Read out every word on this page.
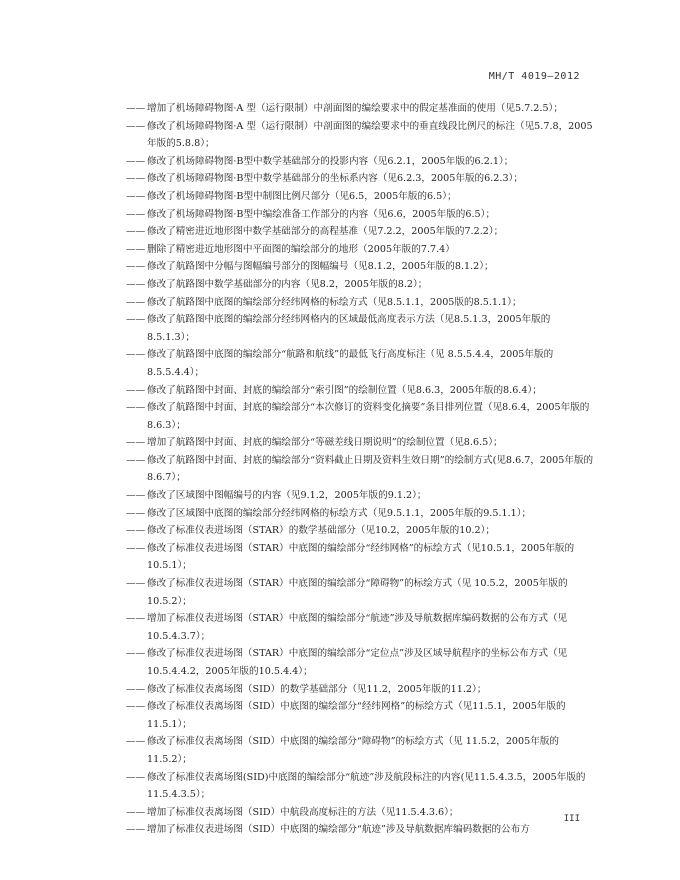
MH/T 4019—2012
—— 增加了机场障碍物图·A 型（运行限制）中剖面图的编绘要求中的假定基准面的使用（见5.7.2.5）；
—— 修改了机场障碍物图·A 型（运行限制）中剖面图的编绘要求中的垂直线段比例尺的标注（见5.7.8，2005年版的5.8.8）；
—— 修改了机场障碍物图·B型中数学基础部分的投影内容（见6.2.1，2005年版的6.2.1）；
—— 修改了机场障碍物图·B型中数学基础部分的坐标系内容（见6.2.3，2005年版的6.2.3）；
—— 修改了机场障碍物图·B型中制图比例尺部分（见6.5，2005年版的6.5）；
—— 修改了机场障碍物图·B型中编绘准备工作部分的内容（见6.6，2005年版的6.5）；
—— 修改了精密进近地形图中数学基础部分的高程基准（见7.2.2，2005年版的7.2.2）；
—— 删除了精密进近地形图中平面图的编绘部分的地形（2005年版的7.7.4）
—— 修改了航路图中分幅与图幅编号部分的图幅编号（见8.1.2，2005年版的8.1.2）；
—— 修改了航路图中数学基础部分的内容（见8.2，2005年版的8.2）；
—— 修改了航路图中底图的编绘部分经纬网格的标绘方式（见8.5.1.1，2005版的8.5.1.1）；
—— 修改了航路图中底图的编绘部分经纬网格内的区域最低高度表示方法（见8.5.1.3，2005年版的8.5.1.3）；
—— 修改了航路图中底图的编绘部分“航路和航线”的最低飞行高度标注（见 8.5.5.4.4，2005年版的8.5.5.4.4）；
—— 修改了航路图中封面、封底的编绘部分“索引图”的绘制位置（见8.6.3，2005年版的8.6.4）；
—— 修改了航路图中封面、封底的编绘部分“本次修订的资料变化摘要”条目排列位置（见8.6.4，2005年版的8.6.3）；
—— 增加了航路图中封面、封底的编绘部分“等磁差线日期说明”的绘制位置（见8.6.5）；
—— 修改了航路图中封面、封底的编绘部分“资料截止日期及资料生效日期”的绘制方式(见8.6.7，2005年版的8.6.7）；
—— 修改了区域图中图幅编号的内容（见9.1.2，2005年版的9.1.2）；
—— 修改了区域图中底图的编绘部分经纬网格的标绘方式（见9.5.1.1，2005年版的9.5.1.1）；
—— 修改了标准仪表进场图（STAR）的数学基础部分（见10.2，2005年版的10.2）；
—— 修改了标准仪表进场图（STAR）中底图的编绘部分“经纬网格”的标绘方式（见10.5.1，2005年版的10.5.1）；
—— 修改了标准仪表进场图（STAR）中底图的编绘部分“障碍物”的标绘方式（见 10.5.2，2005年版的10.5.2）；
—— 增加了标准仪表进场图（STAR）中底图的编绘部分“航迹”涉及导航数据库编码数据的公布方式（见10.5.4.3.7）；
—— 修改了标准仪表进场图（STAR）中底图的编绘部分“定位点”涉及区域导航程序的坐标公布方式（见10.5.4.4.2，2005年版的10.5.4.4）；
—— 修改了标准仪表离场图（SID）的数学基础部分（见11.2，2005年版的11.2）；
—— 修改了标准仪表离场图（SID）中底图的编绘部分“经纬网格”的标绘方式（见11.5.1，2005年版的11.5.1）；
—— 修改了标准仪表离场图（SID）中底图的编绘部分“障碍物”的标绘方式（见 11.5.2，2005年版的11.5.2）；
—— 修改了标准仪表离场图(SID)中底图的编绘部分“航迹”涉及航段标注的内容(见11.5.4.3.5，2005年版的11.5.4.3.5）；
—— 增加了标准仪表离场图（SID）中航段高度标注的方法（见11.5.4.3.6）；
—— 增加了标准仪表进场图（SID）中底图的编绘部分“航迹”涉及导航数据库编码数据的公布方
III
